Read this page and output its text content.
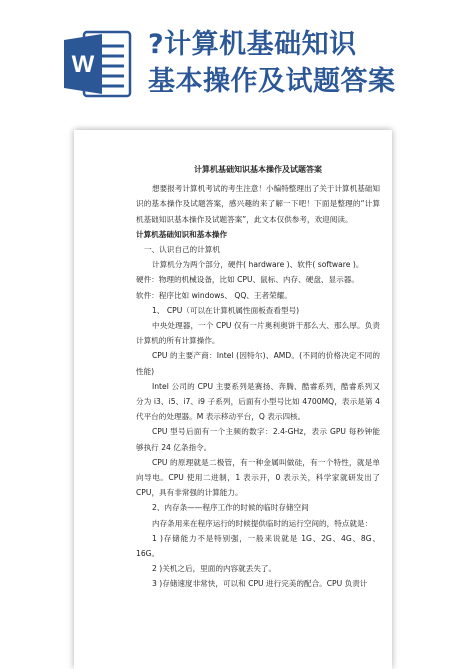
W
?计算机基础知识
基本操作及试题答案
计算机基础知识基本操作及试题答案

想要报考计算机考试的考生注意！小编特整理出了关于计算机基础知识的基本操作及试题答案，感兴趣的来了解一下吧！下面是整理的“计算机基础知识基本操作及试题答案”，此文本仅供参考，欢迎阅读。

计算机基础知识和基本操作

一、认识自己的计算机

计算机分为两个部分，硬件( hardware )、软件( software )。

硬件：物理的机械设备，比如 CPU、鼠标、内存、硬盘、显示器。

软件：程序比如 windows、 QQ、王者荣耀。

1、 CPU（可以在计算机属性面板查看型号)

中央处理器，一个 CPU 仅有一片奥利奥饼干那么大、那么厚。负责计算机的所有计算操作。

CPU 的主要产商：Intel (因特尔)、AMD。(不同的价格决定不同的性能)

Intel 公司的 CPU 主要系列是赛扬、奔腾、酷睿系列，酷睿系列又分为 i3、i5、i7、i9 子系列，后面有小型号比如 4700MQ，表示是第 4 代平台的处理器。M 表示移动平台，Q 表示四核。

CPU 型号后面有一个主频的数字：2.4-GHz，表示 GPU 每秒钟能够执行 24 亿条指令。

CPU 的原理就是二极管，有一种金属叫做硅，有一个特性，就是单向导电。CPU 使用二进制，1 表示开，0 表示关，科学家就研发出了 CPU，具有非常强的计算能力。

2、内存条——程序工作的时候的临时存储空间

内存条用来在程序运行的时候提供临时的运行空间的，特点就是：

1 )存储能力不是特别强，一般来说就是 1G、2G、4G、8G、16G。

2 )关机之后，里面的内容就丢失了。

3 )存储速度非常快，可以和 CPU 进行完美的配合。CPU 负责计
